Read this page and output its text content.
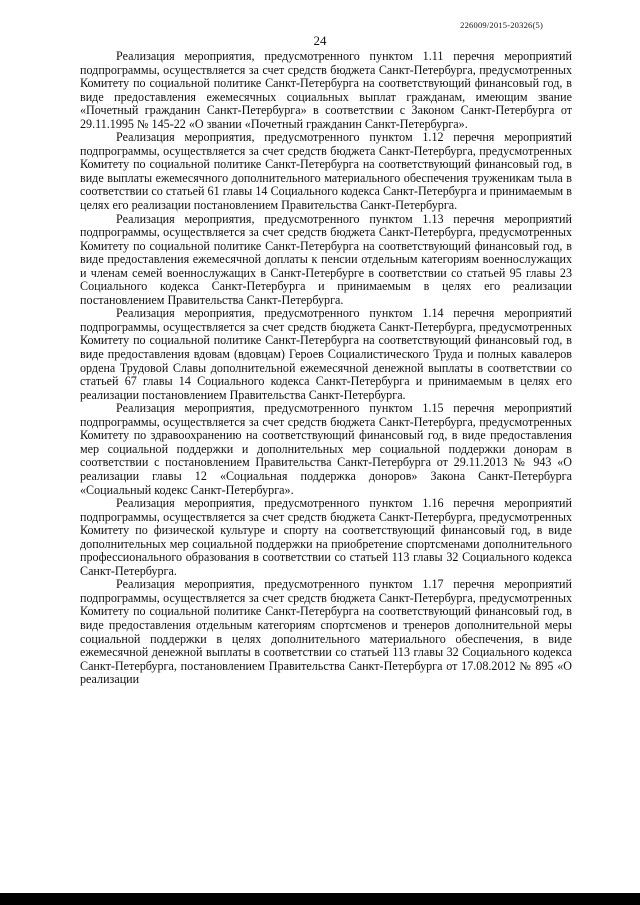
226009/2015-20326(5)
24

Реализация мероприятия, предусмотренного пунктом 1.11 перечня мероприятий подпрограммы, осуществляется за счет средств бюджета Санкт-Петербурга, предусмотренных Комитету по социальной политике Санкт-Петербурга на соответствующий финансовый год, в виде предоставления ежемесячных социальных выплат гражданам, имеющим звание «Почетный гражданин Санкт-Петербурга» в соответствии с Законом Санкт-Петербурга от 29.11.1995 № 145-22 «О звании «Почетный гражданин Санкт-Петербурга».

Реализация мероприятия, предусмотренного пунктом 1.12 перечня мероприятий подпрограммы, осуществляется за счет средств бюджета Санкт-Петербурга, предусмотренных Комитету по социальной политике Санкт-Петербурга на соответствующий финансовый год, в виде выплаты ежемесячного дополнительного материального обеспечения труженикам тыла в соответствии со статьей 61 главы 14 Социального кодекса Санкт-Петербурга и принимаемым в целях его реализации постановлением Правительства Санкт-Петербурга.

Реализация мероприятия, предусмотренного пунктом 1.13 перечня мероприятий подпрограммы, осуществляется за счет средств бюджета Санкт-Петербурга, предусмотренных Комитету по социальной политике Санкт-Петербурга на соответствующий финансовый год, в виде предоставления ежемесячной доплаты к пенсии отдельным категориям военнослужащих и членам семей военнослужащих в Санкт-Петербурге в соответствии со статьей 95 главы 23 Социального кодекса Санкт-Петербурга и принимаемым в целях его реализации постановлением Правительства Санкт-Петербурга.

Реализация мероприятия, предусмотренного пунктом 1.14 перечня мероприятий подпрограммы, осуществляется за счет средств бюджета Санкт-Петербурга, предусмотренных Комитету по социальной политике Санкт-Петербурга на соответствующий финансовый год, в виде предоставления вдовам (вдовцам) Героев Социалистического Труда и полных кавалеров ордена Трудовой Славы дополнительной ежемесячной денежной выплаты в соответствии со статьей 67 главы 14 Социального кодекса Санкт-Петербурга и принимаемым в целях его реализации постановлением Правительства Санкт-Петербурга.

Реализация мероприятия, предусмотренного пунктом 1.15 перечня мероприятий подпрограммы, осуществляется за счет средств бюджета Санкт-Петербурга, предусмотренных Комитету по здравоохранению на соответствующий финансовый год, в виде предоставления мер социальной поддержки и дополнительных мер социальной поддержки донорам в соответствии с постановлением Правительства Санкт-Петербурга от 29.11.2013 № 943 «О реализации главы 12 «Социальная поддержка доноров» Закона Санкт-Петербурга «Социальный кодекс Санкт-Петербурга».

Реализация мероприятия, предусмотренного пунктом 1.16 перечня мероприятий подпрограммы, осуществляется за счет средств бюджета Санкт-Петербурга, предусмотренных Комитету по физической культуре и спорту на соответствующий финансовый год, в виде дополнительных мер социальной поддержки на приобретение спортсменами дополнительного профессионального образования в соответствии со статьей 113 главы 32 Социального кодекса Санкт-Петербурга.

Реализация мероприятия, предусмотренного пунктом 1.17 перечня мероприятий подпрограммы, осуществляется за счет средств бюджета Санкт-Петербурга, предусмотренных Комитету по социальной политике Санкт-Петербурга на соответствующий финансовый год, в виде предоставления отдельным категориям спортсменов и тренеров дополнительной меры социальной поддержки в целях дополнительного материального обеспечения, в виде ежемесячной денежной выплаты в соответствии со статьей 113 главы 32 Социального кодекса Санкт-Петербурга, постановлением Правительства Санкт-Петербурга от 17.08.2012 № 895 «О реализации
